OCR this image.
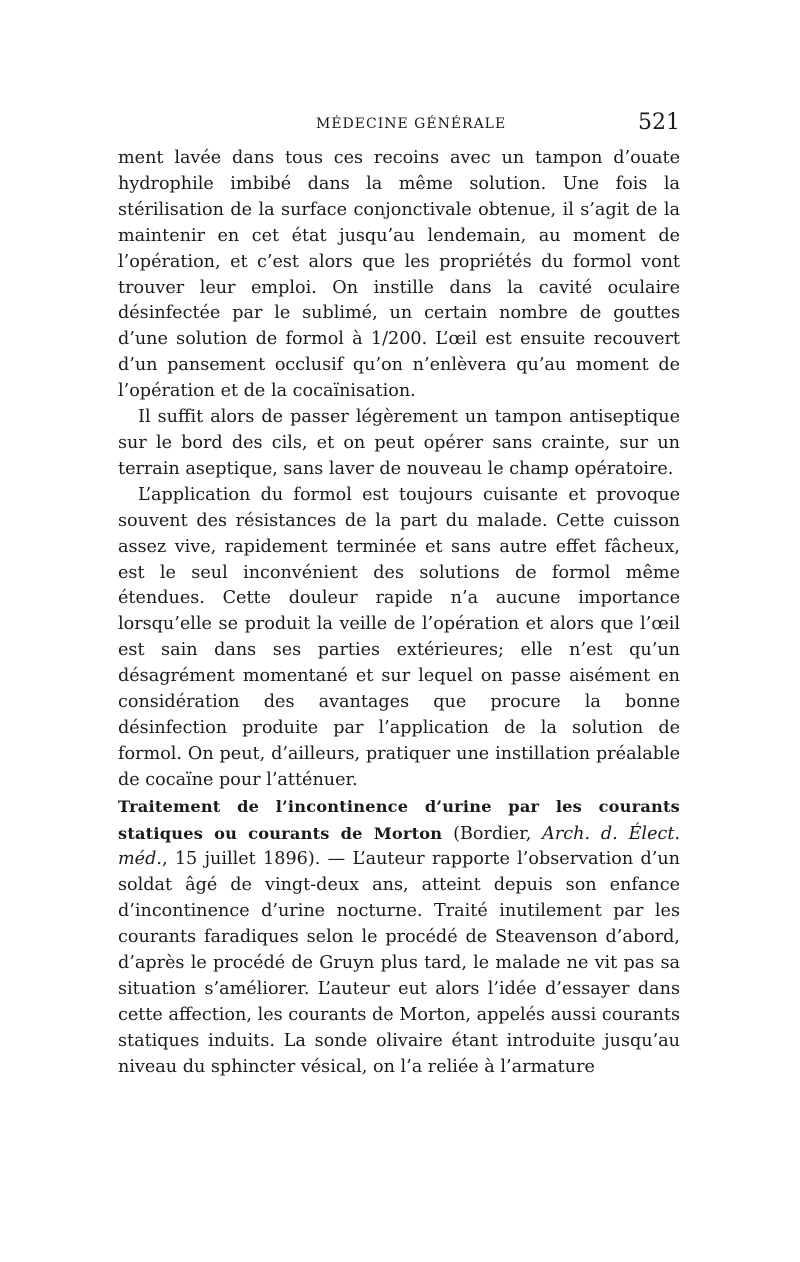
MÉDECINE GÉNÉRALE	521

ment lavée dans tous ces recoins avec un tampon d’ouate hydrophile imbibé dans la même solution. Une fois la stérilisation de la surface conjonctivale obtenue, il s’agit de la maintenir en cet état jusqu’au lendemain, au moment de l’opération, et c’est alors que les propriétés du formol vont trouver leur emploi. On instille dans la cavité oculaire désinfectée par le sublimé, un certain nombre de gouttes d’une solution de formol à 1/200. L’œil est ensuite recouvert d’un pansement occlusif qu’on n’enlèvera qu’au moment de l’opération et de la cocaïnisation.

Il suffit alors de passer légèrement un tampon antiseptique sur le bord des cils, et on peut opérer sans crainte, sur un terrain aseptique, sans laver de nouveau le champ opératoire.

L’application du formol est toujours cuisante et provoque souvent des résistances de la part du malade. Cette cuisson assez vive, rapidement terminée et sans autre effet fâcheux, est le seul inconvénient des solutions de formol même étendues. Cette douleur rapide n’a aucune importance lorsqu’elle se produit la veille de l’opération et alors que l’œil est sain dans ses parties extérieures; elle n’est qu’un désagrément momentané et sur lequel on passe aisément en considération des avantages que procure la bonne désinfection produite par l’application de la solution de formol. On peut, d’ailleurs, pratiquer une instillation préalable de cocaïne pour l’atténuer.

Traitement de l’incontinence d’urine par les courants statiques ou courants de Morton (Bordier, Arch. d. Élect. méd., 15 juillet 1896). — L’auteur rapporte l’observation d’un soldat âgé de vingt-deux ans, atteint depuis son enfance d’incontinence d’urine nocturne. Traité inutilement par les courants faradiques selon le procédé de Steavenson d’abord, d’après le procédé de Gruyn plus tard, le malade ne vit pas sa situation s’améliorer. L’auteur eut alors l’idée d’essayer dans cette affection, les courants de Morton, appelés aussi courants statiques induits. La sonde olivaire étant introduite jusqu’au niveau du sphincter vésical, on l’a reliée à l’armature
